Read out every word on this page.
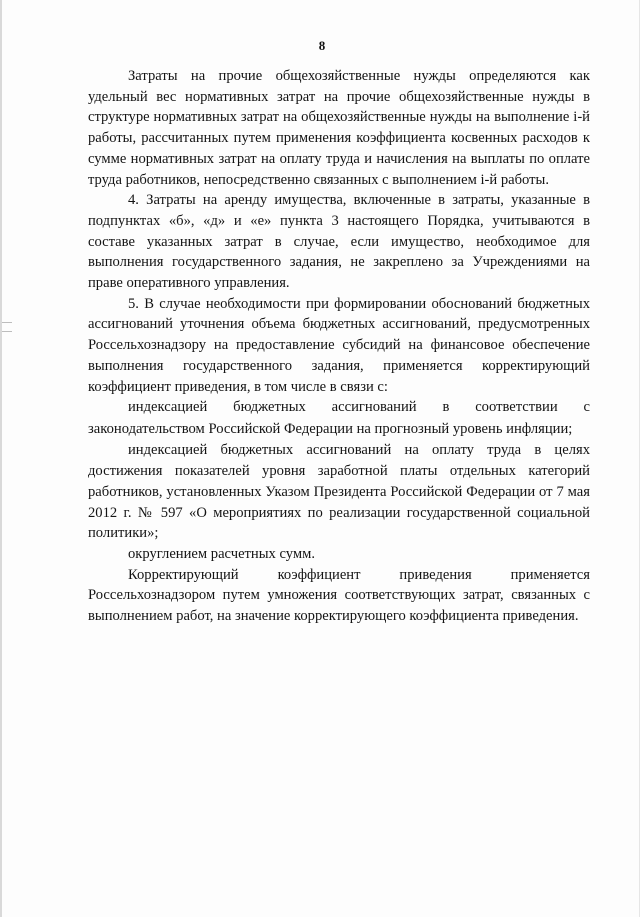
8

Затраты на прочие общехозяйственные нужды определяются как удельный вес нормативных затрат на прочие общехозяйственные нужды в структуре нормативных затрат на общехозяйственные нужды на выполнение i-й работы, рассчитанных путем применения коэффициента косвенных расходов к сумме нормативных затрат на оплату труда и начисления на выплаты по оплате труда работников, непосредственно связанных с выполнением i-й работы.

4. Затраты на аренду имущества, включенные в затраты, указанные в подпунктах «б», «д» и «е» пункта 3 настоящего Порядка, учитываются в составе указанных затрат в случае, если имущество, необходимое для выполнения государственного задания, не закреплено за Учреждениями на праве оперативного управления.

5. В случае необходимости при формировании обоснований бюджетных ассигнований уточнения объема бюджетных ассигнований, предусмотренных Россельхознадзору на предоставление субсидий на финансовое обеспечение выполнения государственного задания, применяется корректирующий коэффициент приведения, в том числе в связи с:

индексацией бюджетных ассигнований в соответствии с законодательством Российской Федерации на прогнозный уровень инфляции;

индексацией бюджетных ассигнований на оплату труда в целях достижения показателей уровня заработной платы отдельных категорий работников, установленных Указом Президента Российской Федерации от 7 мая 2012 г. № 597 «О мероприятиях по реализации государственной социальной политики»;

округлением расчетных сумм.

Корректирующий коэффициент приведения применяется Россельхознадзором путем умножения соответствующих затрат, связанных с выполнением работ, на значение корректирующего коэффициента приведения.
